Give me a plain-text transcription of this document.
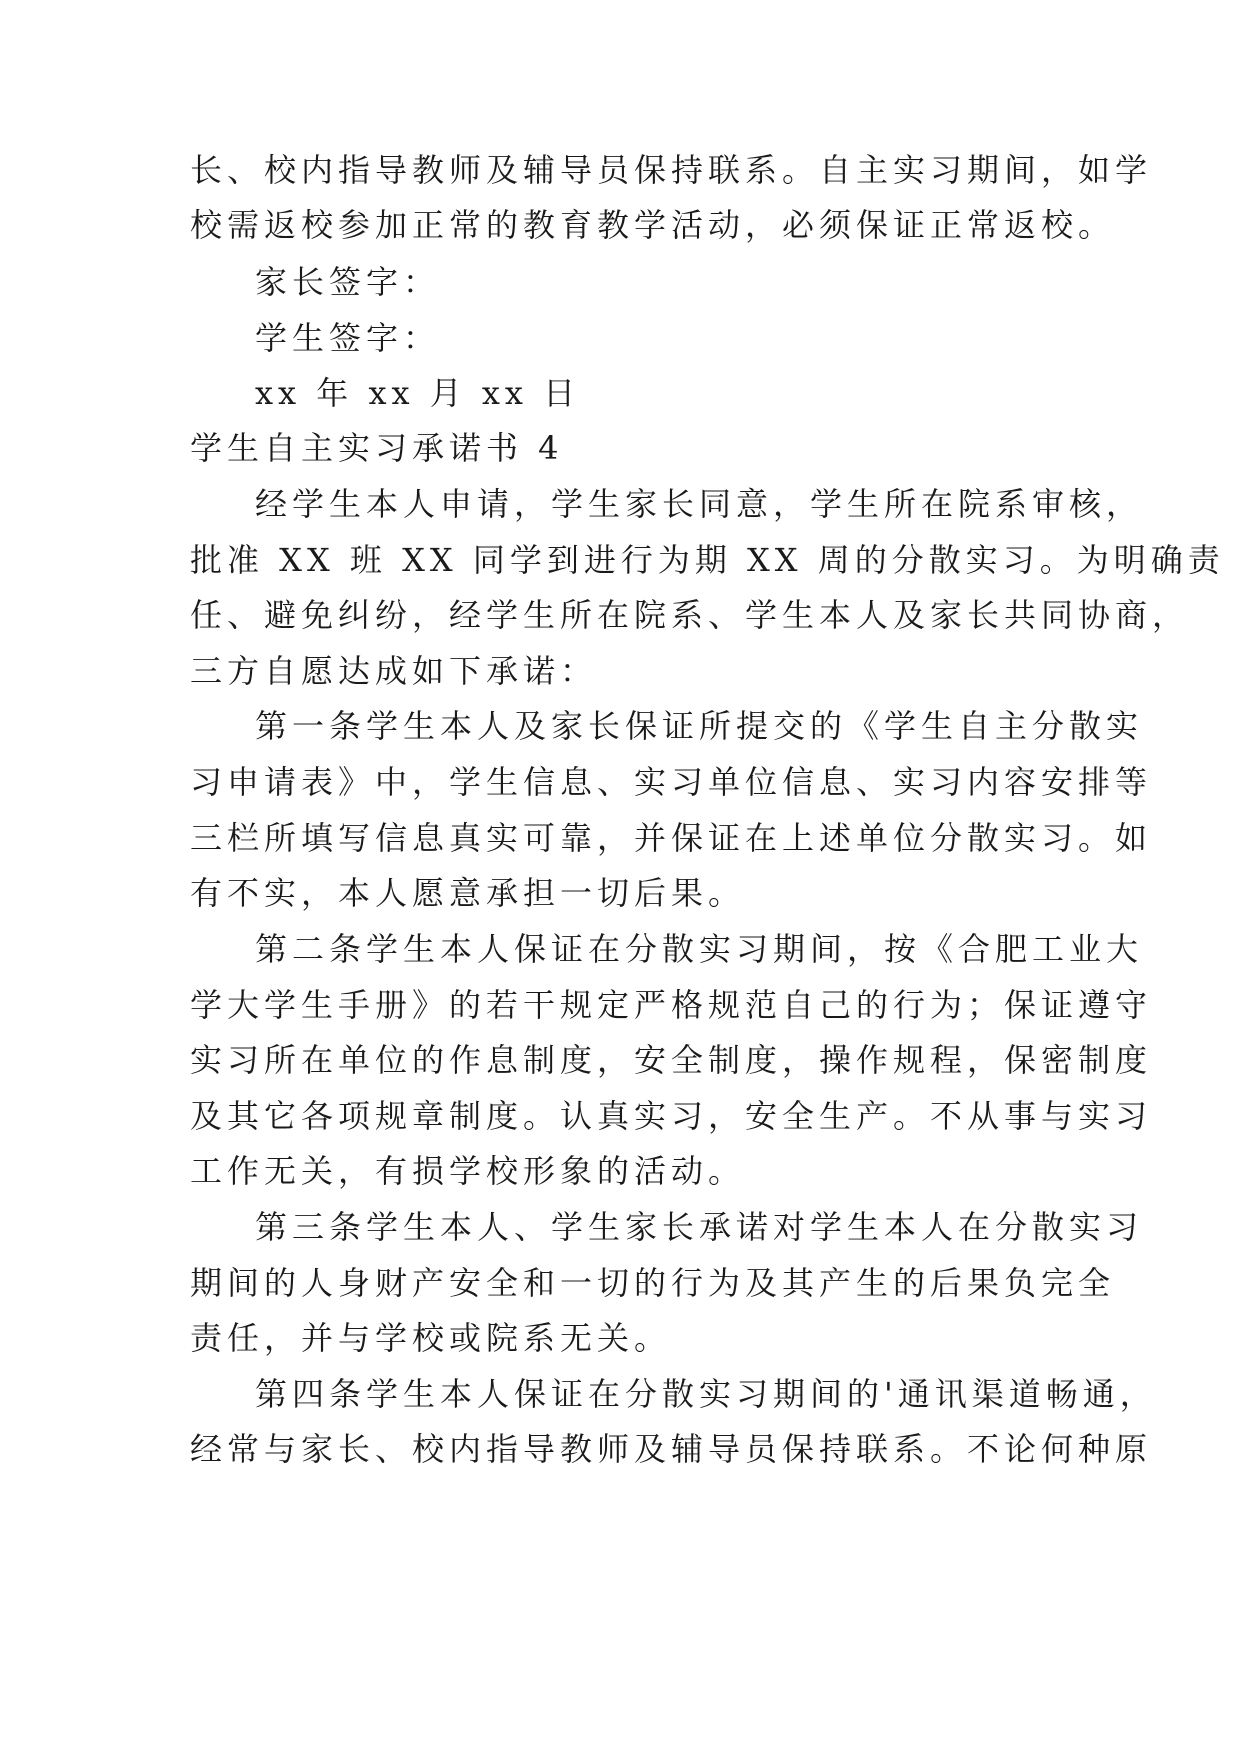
长、校内指导教师及辅导员保持联系。自主实习期间，如学
校需返校参加正常的教育教学活动，必须保证正常返校。
家长签字：
学生签字：
xx 年 xx 月 xx 日
学生自主实习承诺书 4
经学生本人申请，学生家长同意，学生所在院系审核，
批准 XX 班 XX 同学到进行为期 XX 周的分散实习。为明确责
任、避免纠纷，经学生所在院系、学生本人及家长共同协商，
三方自愿达成如下承诺：
第一条学生本人及家长保证所提交的《学生自主分散实
习申请表》中，学生信息、实习单位信息、实习内容安排等
三栏所填写信息真实可靠，并保证在上述单位分散实习。如
有不实，本人愿意承担一切后果。
第二条学生本人保证在分散实习期间，按《合肥工业大
学大学生手册》的若干规定严格规范自己的行为；保证遵守
实习所在单位的作息制度，安全制度，操作规程，保密制度
及其它各项规章制度。认真实习，安全生产。不从事与实习
工作无关，有损学校形象的活动。
第三条学生本人、学生家长承诺对学生本人在分散实习
期间的人身财产安全和一切的行为及其产生的后果负完全
责任，并与学校或院系无关。
第四条学生本人保证在分散实习期间的'通讯渠道畅通，
经常与家长、校内指导教师及辅导员保持联系。不论何种原
